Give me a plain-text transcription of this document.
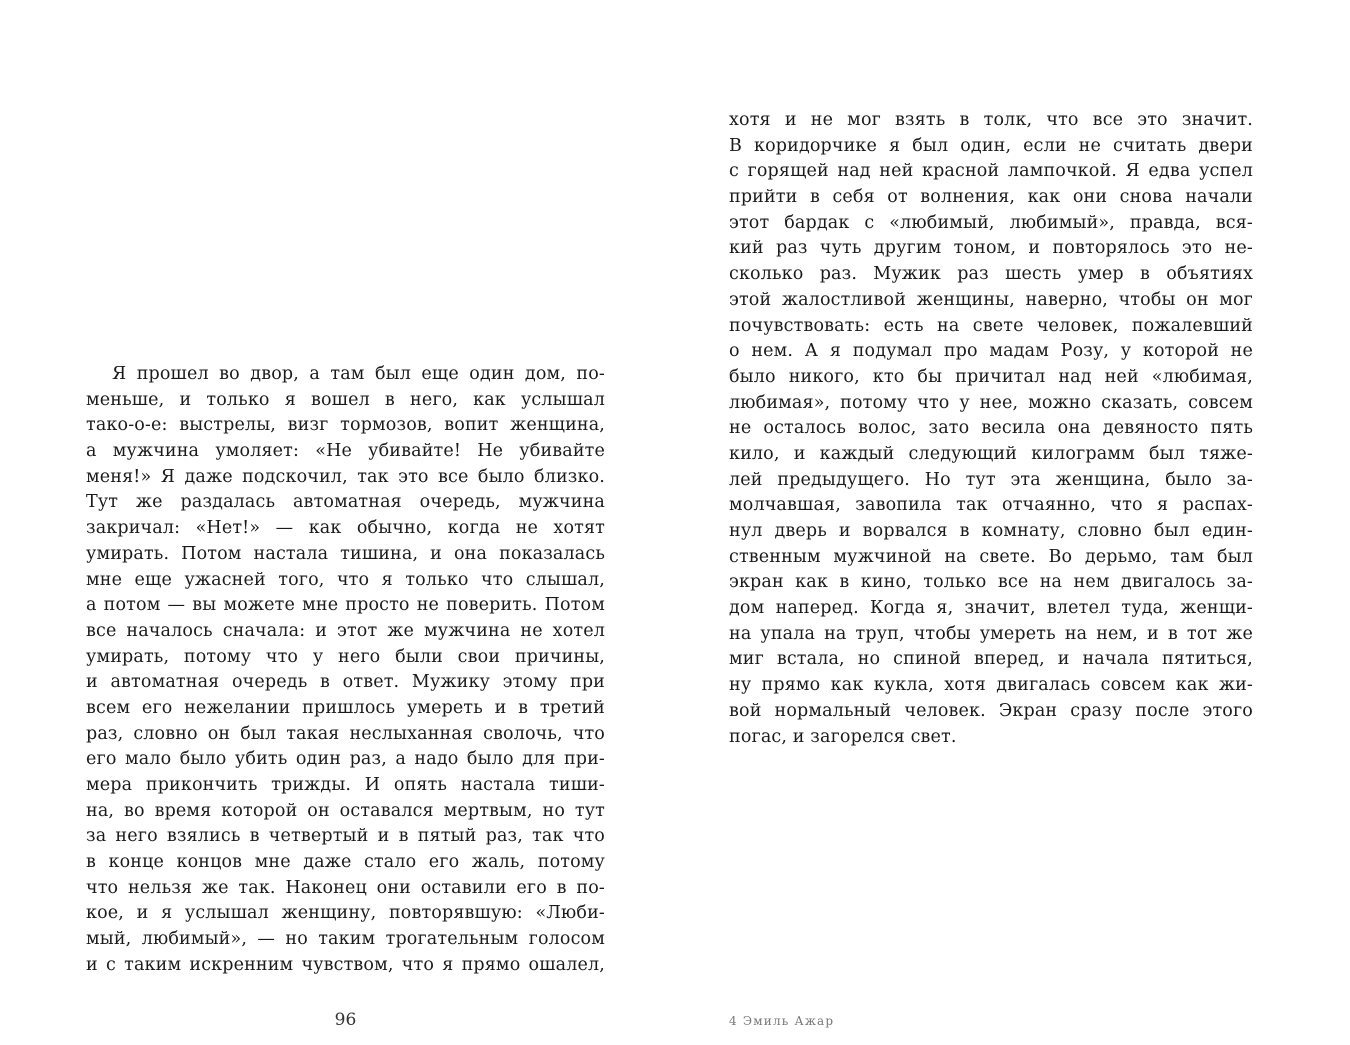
Я прошел во двор, а там был еще один дом, по-
меньше, и только я вошел в него, как услышал
тако-о-е: выстрелы, визг тормозов, вопит женщина,
а мужчина умоляет: «Не убивайте! Не убивайте
меня!» Я даже подскочил, так это все было близко.
Тут же раздалась автоматная очередь, мужчина
закричал: «Нет!» — как обычно, когда не хотят
умирать. Потом настала тишина, и она показалась
мне еще ужасней того, что я только что слышал,
а потом — вы можете мне просто не поверить. Потом
все началось сначала: и этот же мужчина не хотел
умирать, потому что у него были свои причины,
и автоматная очередь в ответ. Мужику этому при
всем его нежелании пришлось умереть и в третий
раз, словно он был такая неслыханная сволочь, что
его мало было убить один раз, а надо было для при-
мера прикончить трижды. И опять настала тиши-
на, во время которой он оставался мертвым, но тут
за него взялись в четвертый и в пятый раз, так что
в конце концов мне даже стало его жаль, потому
что нельзя же так. Наконец они оставили его в по-
кое, и я услышал женщину, повторявшую: «Люби-
мый, любимый», — но таким трогательным голосом
и с таким искренним чувством, что я прямо ошалел,
96
хотя и не мог взять в толк, что все это значит.
В коридорчике я был один, если не считать двери
с горящей над ней красной лампочкой. Я едва успел
прийти в себя от волнения, как они снова начали
этот бардак с «любимый, любимый», правда, вся-
кий раз чуть другим тоном, и повторялось это не-
сколько раз. Мужик раз шесть умер в объятиях
этой жалостливой женщины, наверно, чтобы он мог
почувствовать: есть на свете человек, пожалевший
о нем. А я подумал про мадам Розу, у которой не
было никого, кто бы причитал над ней «любимая,
любимая», потому что у нее, можно сказать, совсем
не осталось волос, зато весила она девяносто пять
кило, и каждый следующий килограмм был тяже-
лей предыдущего. Но тут эта женщина, было за-
молчавшая, завопила так отчаянно, что я распах-
нул дверь и ворвался в комнату, словно был един-
ственным мужчиной на свете. Во дерьмо, там был
экран как в кино, только все на нем двигалось за-
дом наперед. Когда я, значит, влетел туда, женщи-
на упала на труп, чтобы умереть на нем, и в тот же
миг встала, но спиной вперед, и начала пятиться,
ну прямо как кукла, хотя двигалась совсем как жи-
вой нормальный человек. Экран сразу после этого
погас, и загорелся свет.
4 Эмиль Ажар
